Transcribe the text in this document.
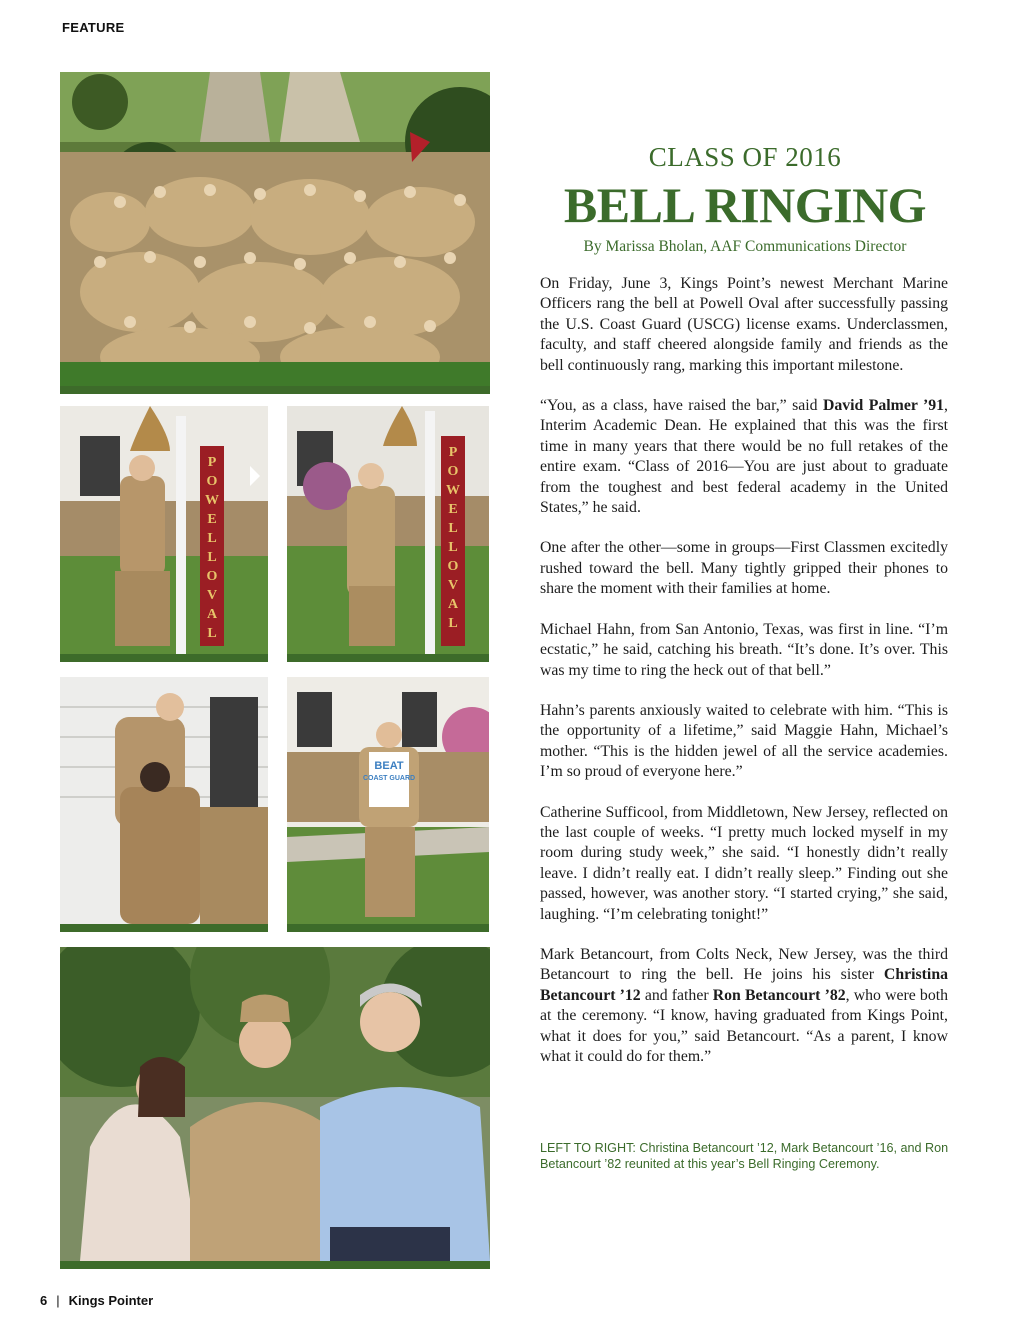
FEATURE
P
O
W
E
L
L
O
V
A
L
P
O
W
E
L
L
O
V
A
L
BEAT
COAST GUARD
CLASS OF 2016
BELL RINGING
By Marissa Bholan, AAF Communications Director

On Friday, June 3, Kings Point’s newest Merchant Marine Officers rang the bell at Powell Oval after successfully passing the U.S. Coast Guard (USCG) license exams. Underclassmen, faculty, and staff cheered alongside family and friends as the bell continuously rang, marking this important milestone.

“You, as a class, have raised the bar,” said David Palmer ’91, Interim Academic Dean. He explained that this was the first time in many years that there would be no full retakes of the entire exam. “Class of 2016—You are just about to graduate from the toughest and best federal academy in the United States,” he said.

One after the other—some in groups—First Classmen excitedly rushed toward the bell. Many tightly gripped their phones to share the moment with their families at home.

Michael Hahn, from San Antonio, Texas, was first in line. “I’m ecstatic,” he said, catching his breath. “It’s done. It’s over. This was my time to ring the heck out of that bell.”

Hahn’s parents anxiously waited to celebrate with him. “This is the opportunity of a lifetime,” said Maggie Hahn, Michael’s mother. “This is the hidden jewel of all the service academies. I’m so proud of everyone here.”

Catherine Sufficool, from Middletown, New Jersey, reflected on the last couple of weeks. “I pretty much locked myself in my room during study week,” she said. “I honestly didn’t really leave. I didn’t really eat. I didn’t really sleep.” Finding out she passed, however, was another story. “I started crying,” she said, laughing. “I’m celebrating tonight!”

Mark Betancourt, from Colts Neck, New Jersey, was the third Betancourt to ring the bell. He joins his sister Christina Betancourt ’12 and father Ron Betancourt ’82, who were both at the ceremony. “I know, having graduated from Kings Point, what it does for you,” said Betancourt. “As a parent, I know what it could do for them.”

LEFT TO RIGHT: Christina Betancourt ’12, Mark Betancourt ’16, and Ron Betancourt ’82 reunited at this year’s Bell Ringing Ceremony.
6 | Kings Pointer
